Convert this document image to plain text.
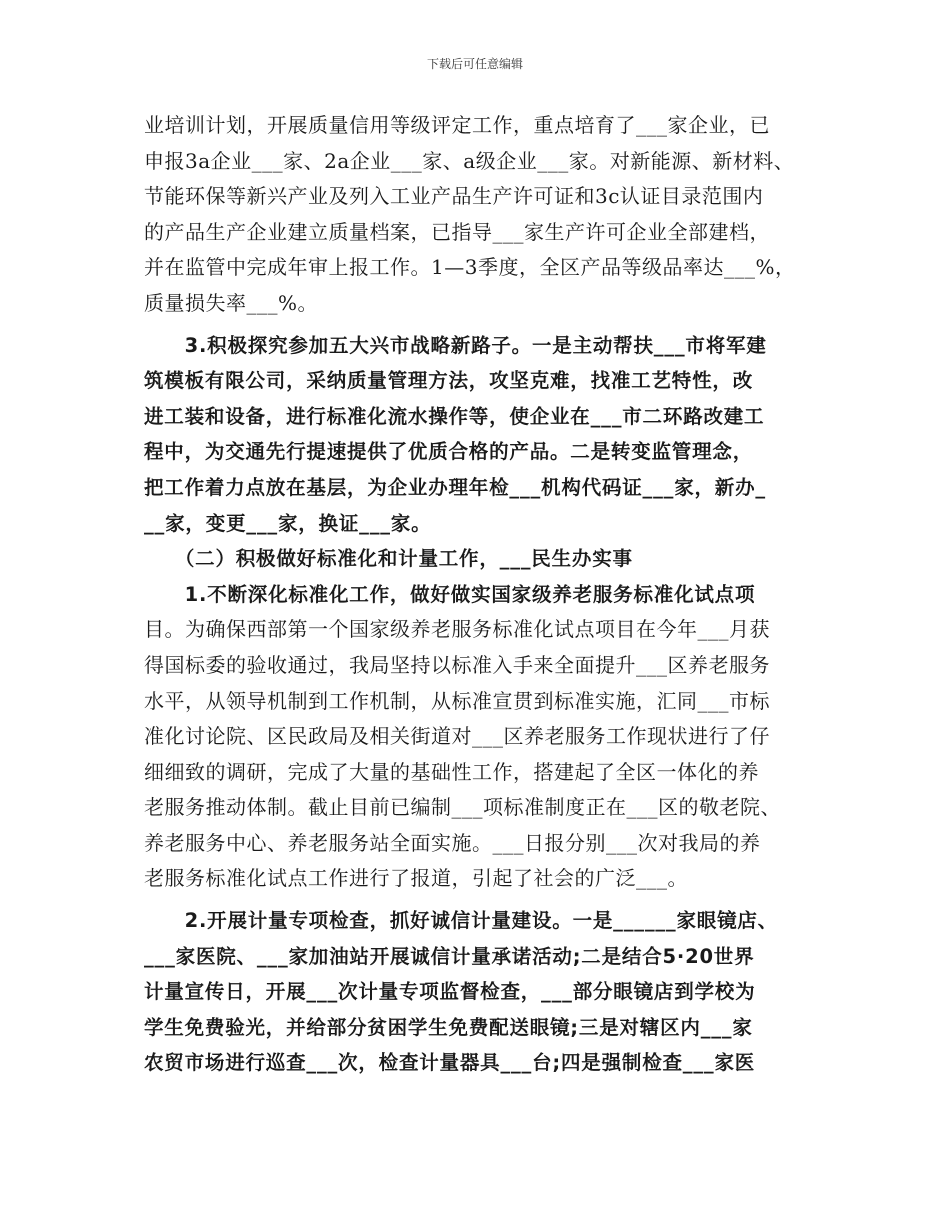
下载后可任意编辑
业培训计划，开展质量信用等级评定工作，重点培育了___家企业，已
申报3a企业___家、2a企业___家、a级企业___家。对新能源、新材料、
节能环保等新兴产业及列入工业产品生产许可证和3c认证目录范围内
的产品生产企业建立质量档案，已指导___家生产许可企业全部建档，
并在监管中完成年审上报工作。1—3季度，全区产品等级品率达___%，
质量损失率___%。
　　3.积极探究参加五大兴市战略新路子。一是主动帮扶___市将军建
筑模板有限公司，采纳质量管理方法，攻坚克难，找准工艺特性，改
进工装和设备，进行标准化流水操作等，使企业在___市二环路改建工
程中，为交通先行提速提供了优质合格的产品。二是转变监管理念，
把工作着力点放在基层，为企业办理年检___机构代码证___家，新办_
__家，变更___家，换证___家。
　　（二）积极做好标准化和计量工作，___民生办实事
　　1.不断深化标准化工作，做好做实国家级养老服务标准化试点项
目。为确保西部第一个国家级养老服务标准化试点项目在今年___月获
得国标委的验收通过，我局坚持以标准入手来全面提升___区养老服务
水平，从领导机制到工作机制，从标准宣贯到标准实施，汇同___市标
准化讨论院、区民政局及相关街道对___区养老服务工作现状进行了仔
细细致的调研，完成了大量的基础性工作，搭建起了全区一体化的养
老服务推动体制。截止目前已编制___项标准制度正在___区的敬老院、
养老服务中心、养老服务站全面实施。___日报分别___次对我局的养
老服务标准化试点工作进行了报道，引起了社会的广泛___。
　　2.开展计量专项检查，抓好诚信计量建设。一是______家眼镜店、
___家医院、___家加油站开展诚信计量承诺活动;二是结合5·20世界
计量宣传日，开展___次计量专项监督检查，___部分眼镜店到学校为
学生免费验光，并给部分贫困学生免费配送眼镜;三是对辖区内___家
农贸市场进行巡查___次，检查计量器具___台;四是强制检查___家医
